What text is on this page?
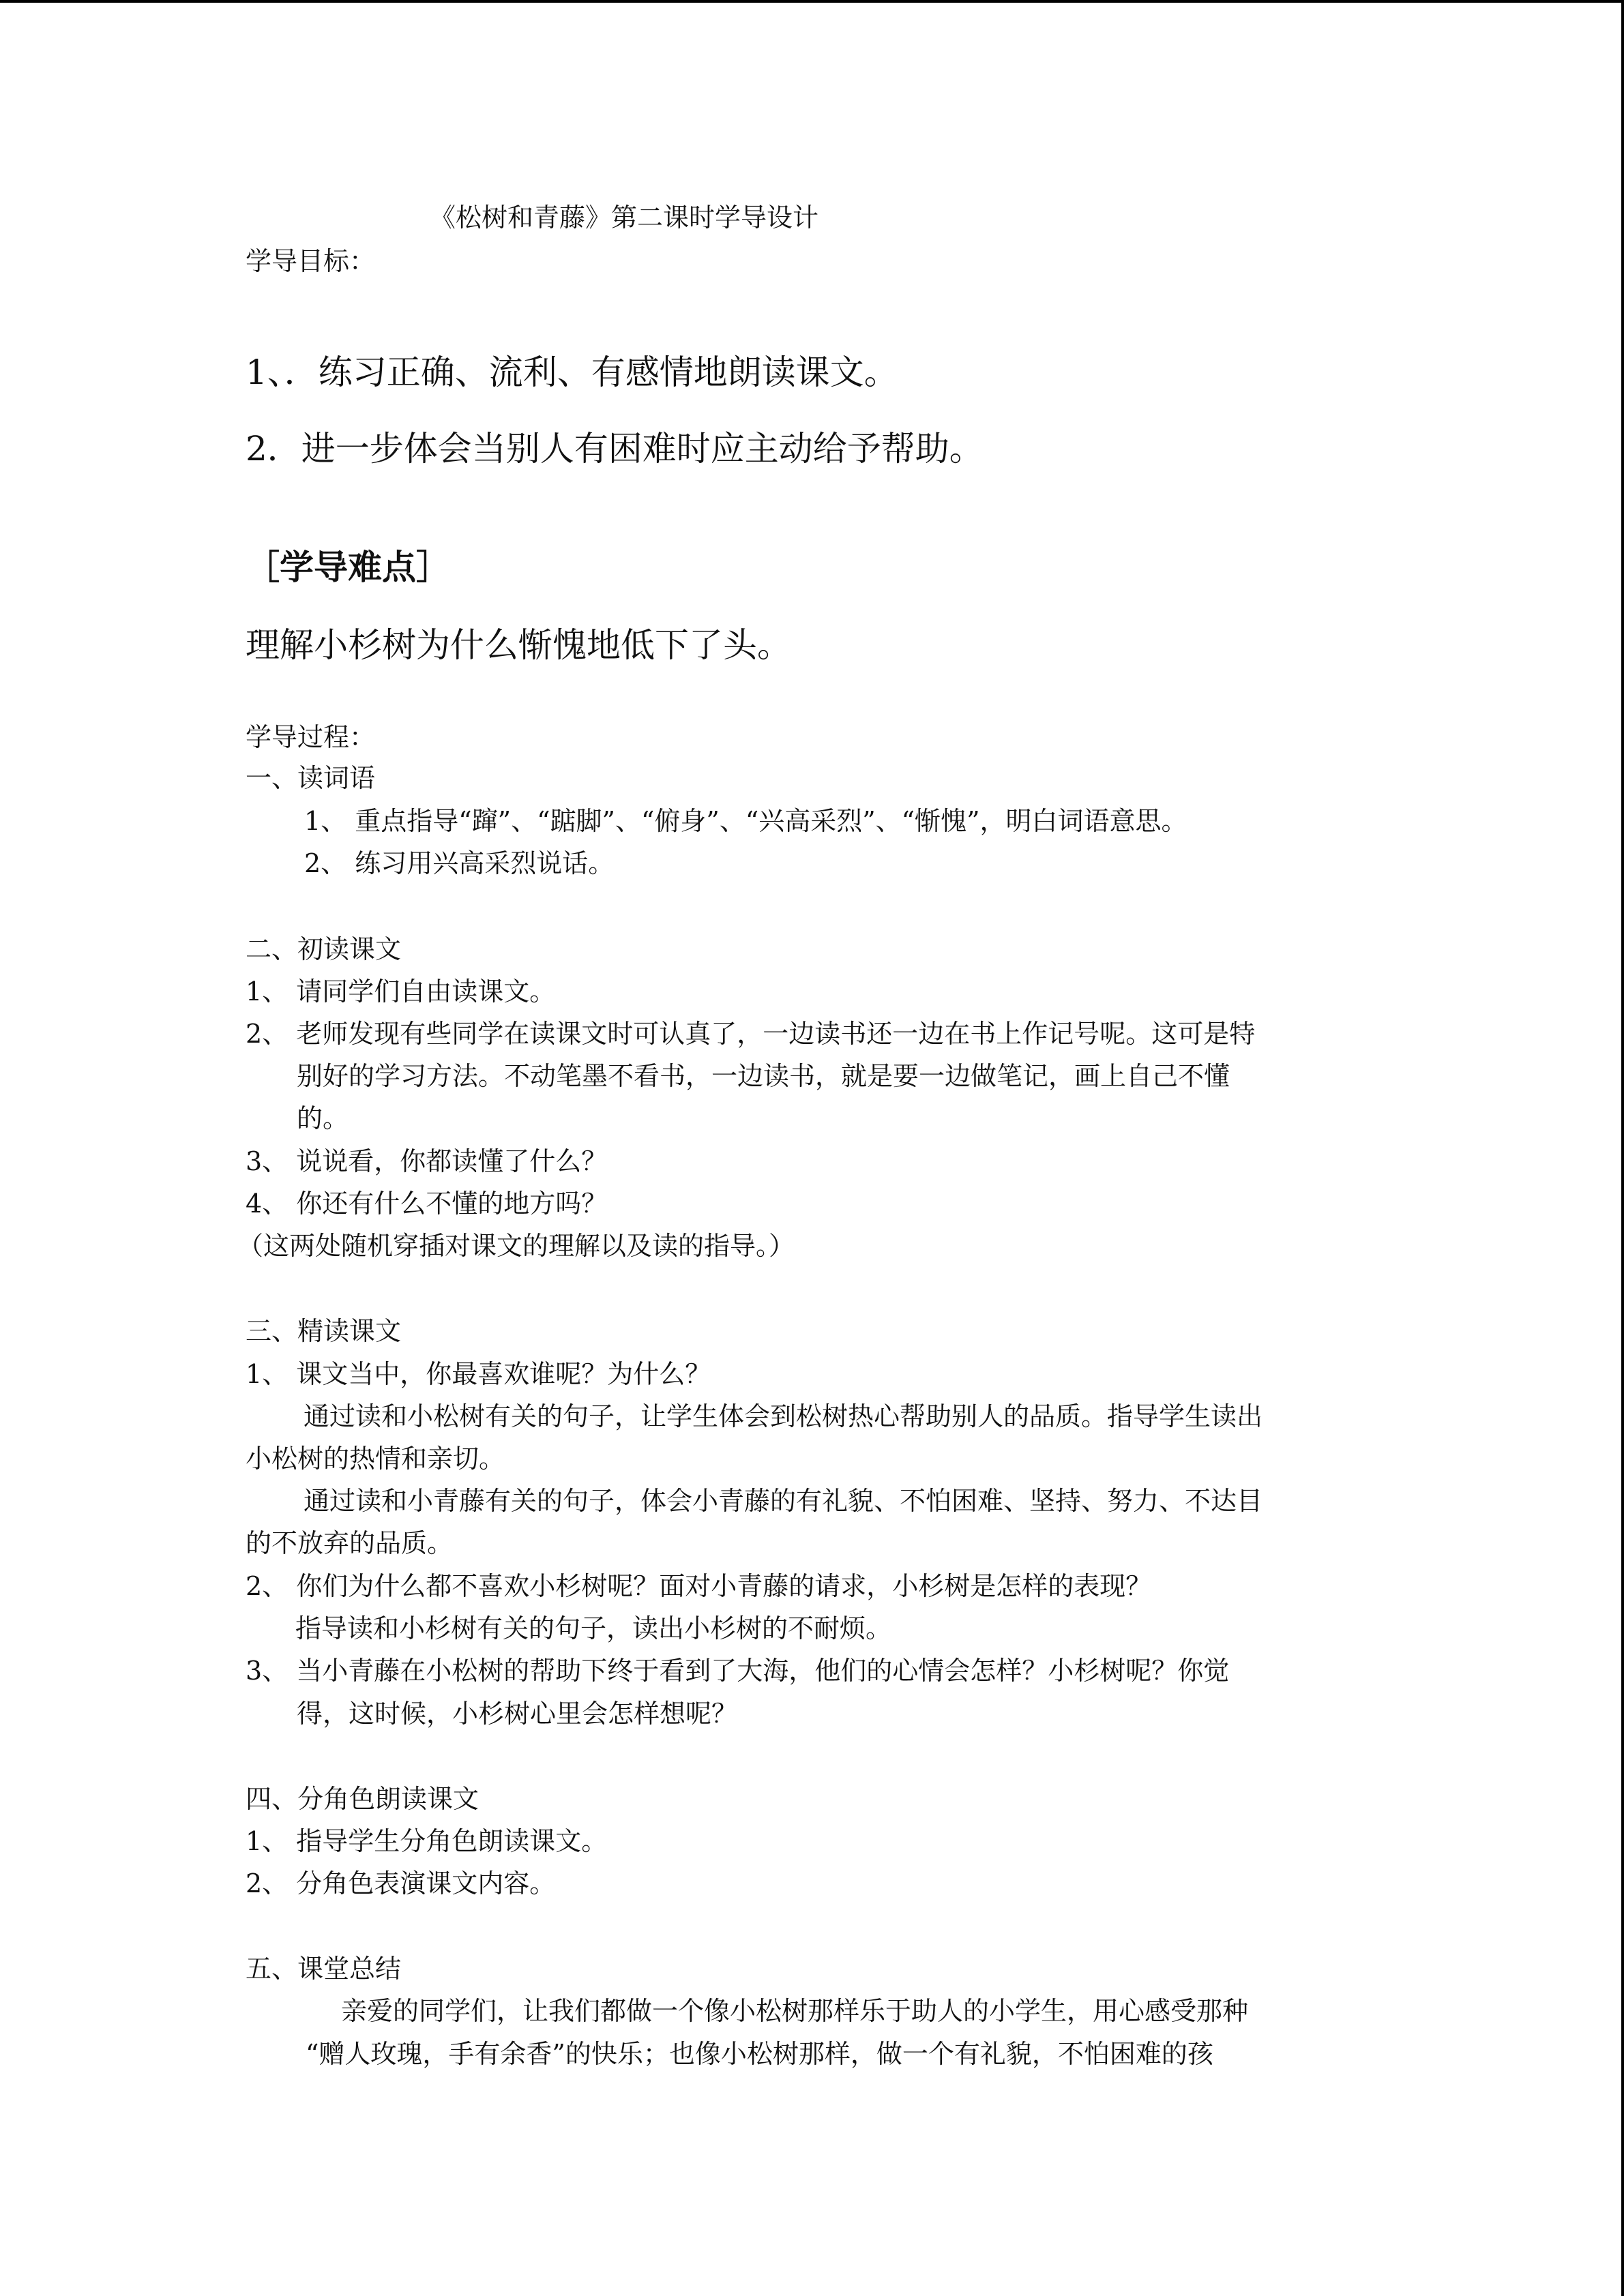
《松树和青藤》第二课时学导设计
学导目标：
1、．练习正确、流利、有感情地朗读课文。
2．进一步体会当别人有困难时应主动给予帮助。
［学导难点］
理解小杉树为什么惭愧地低下了头。
学导过程：
一、读词语
1、 重点指导“蹿”、“踮脚”、“俯身”、“兴高采烈”、“惭愧”，明白词语意思。
2、 练习用兴高采烈说话。
二、初读课文
1、 请同学们自由读课文。
2、 老师发现有些同学在读课文时可认真了，一边读书还一边在书上作记号呢。这可是特
别好的学习方法。不动笔墨不看书，一边读书，就是要一边做笔记，画上自己不懂
的。
3、 说说看，你都读懂了什么？
4、 你还有什么不懂的地方吗？
（这两处随机穿插对课文的理解以及读的指导。）
三、精读课文
1、 课文当中，你最喜欢谁呢？为什么？
通过读和小松树有关的句子，让学生体会到松树热心帮助别人的品质。指导学生读出
小松树的热情和亲切。
通过读和小青藤有关的句子，体会小青藤的有礼貌、不怕困难、坚持、努力、不达目
的不放弃的品质。
2、 你们为什么都不喜欢小杉树呢？面对小青藤的请求，小杉树是怎样的表现？
指导读和小杉树有关的句子，读出小杉树的不耐烦。
3、 当小青藤在小松树的帮助下终于看到了大海，他们的心情会怎样？小杉树呢？你觉
得，这时候，小杉树心里会怎样想呢？
四、分角色朗读课文
1、 指导学生分角色朗读课文。
2、 分角色表演课文内容。
五、课堂总结
亲爱的同学们，让我们都做一个像小松树那样乐于助人的小学生，用心感受那种
“赠人玫瑰，手有余香”的快乐；也像小松树那样，做一个有礼貌，不怕困难的孩
